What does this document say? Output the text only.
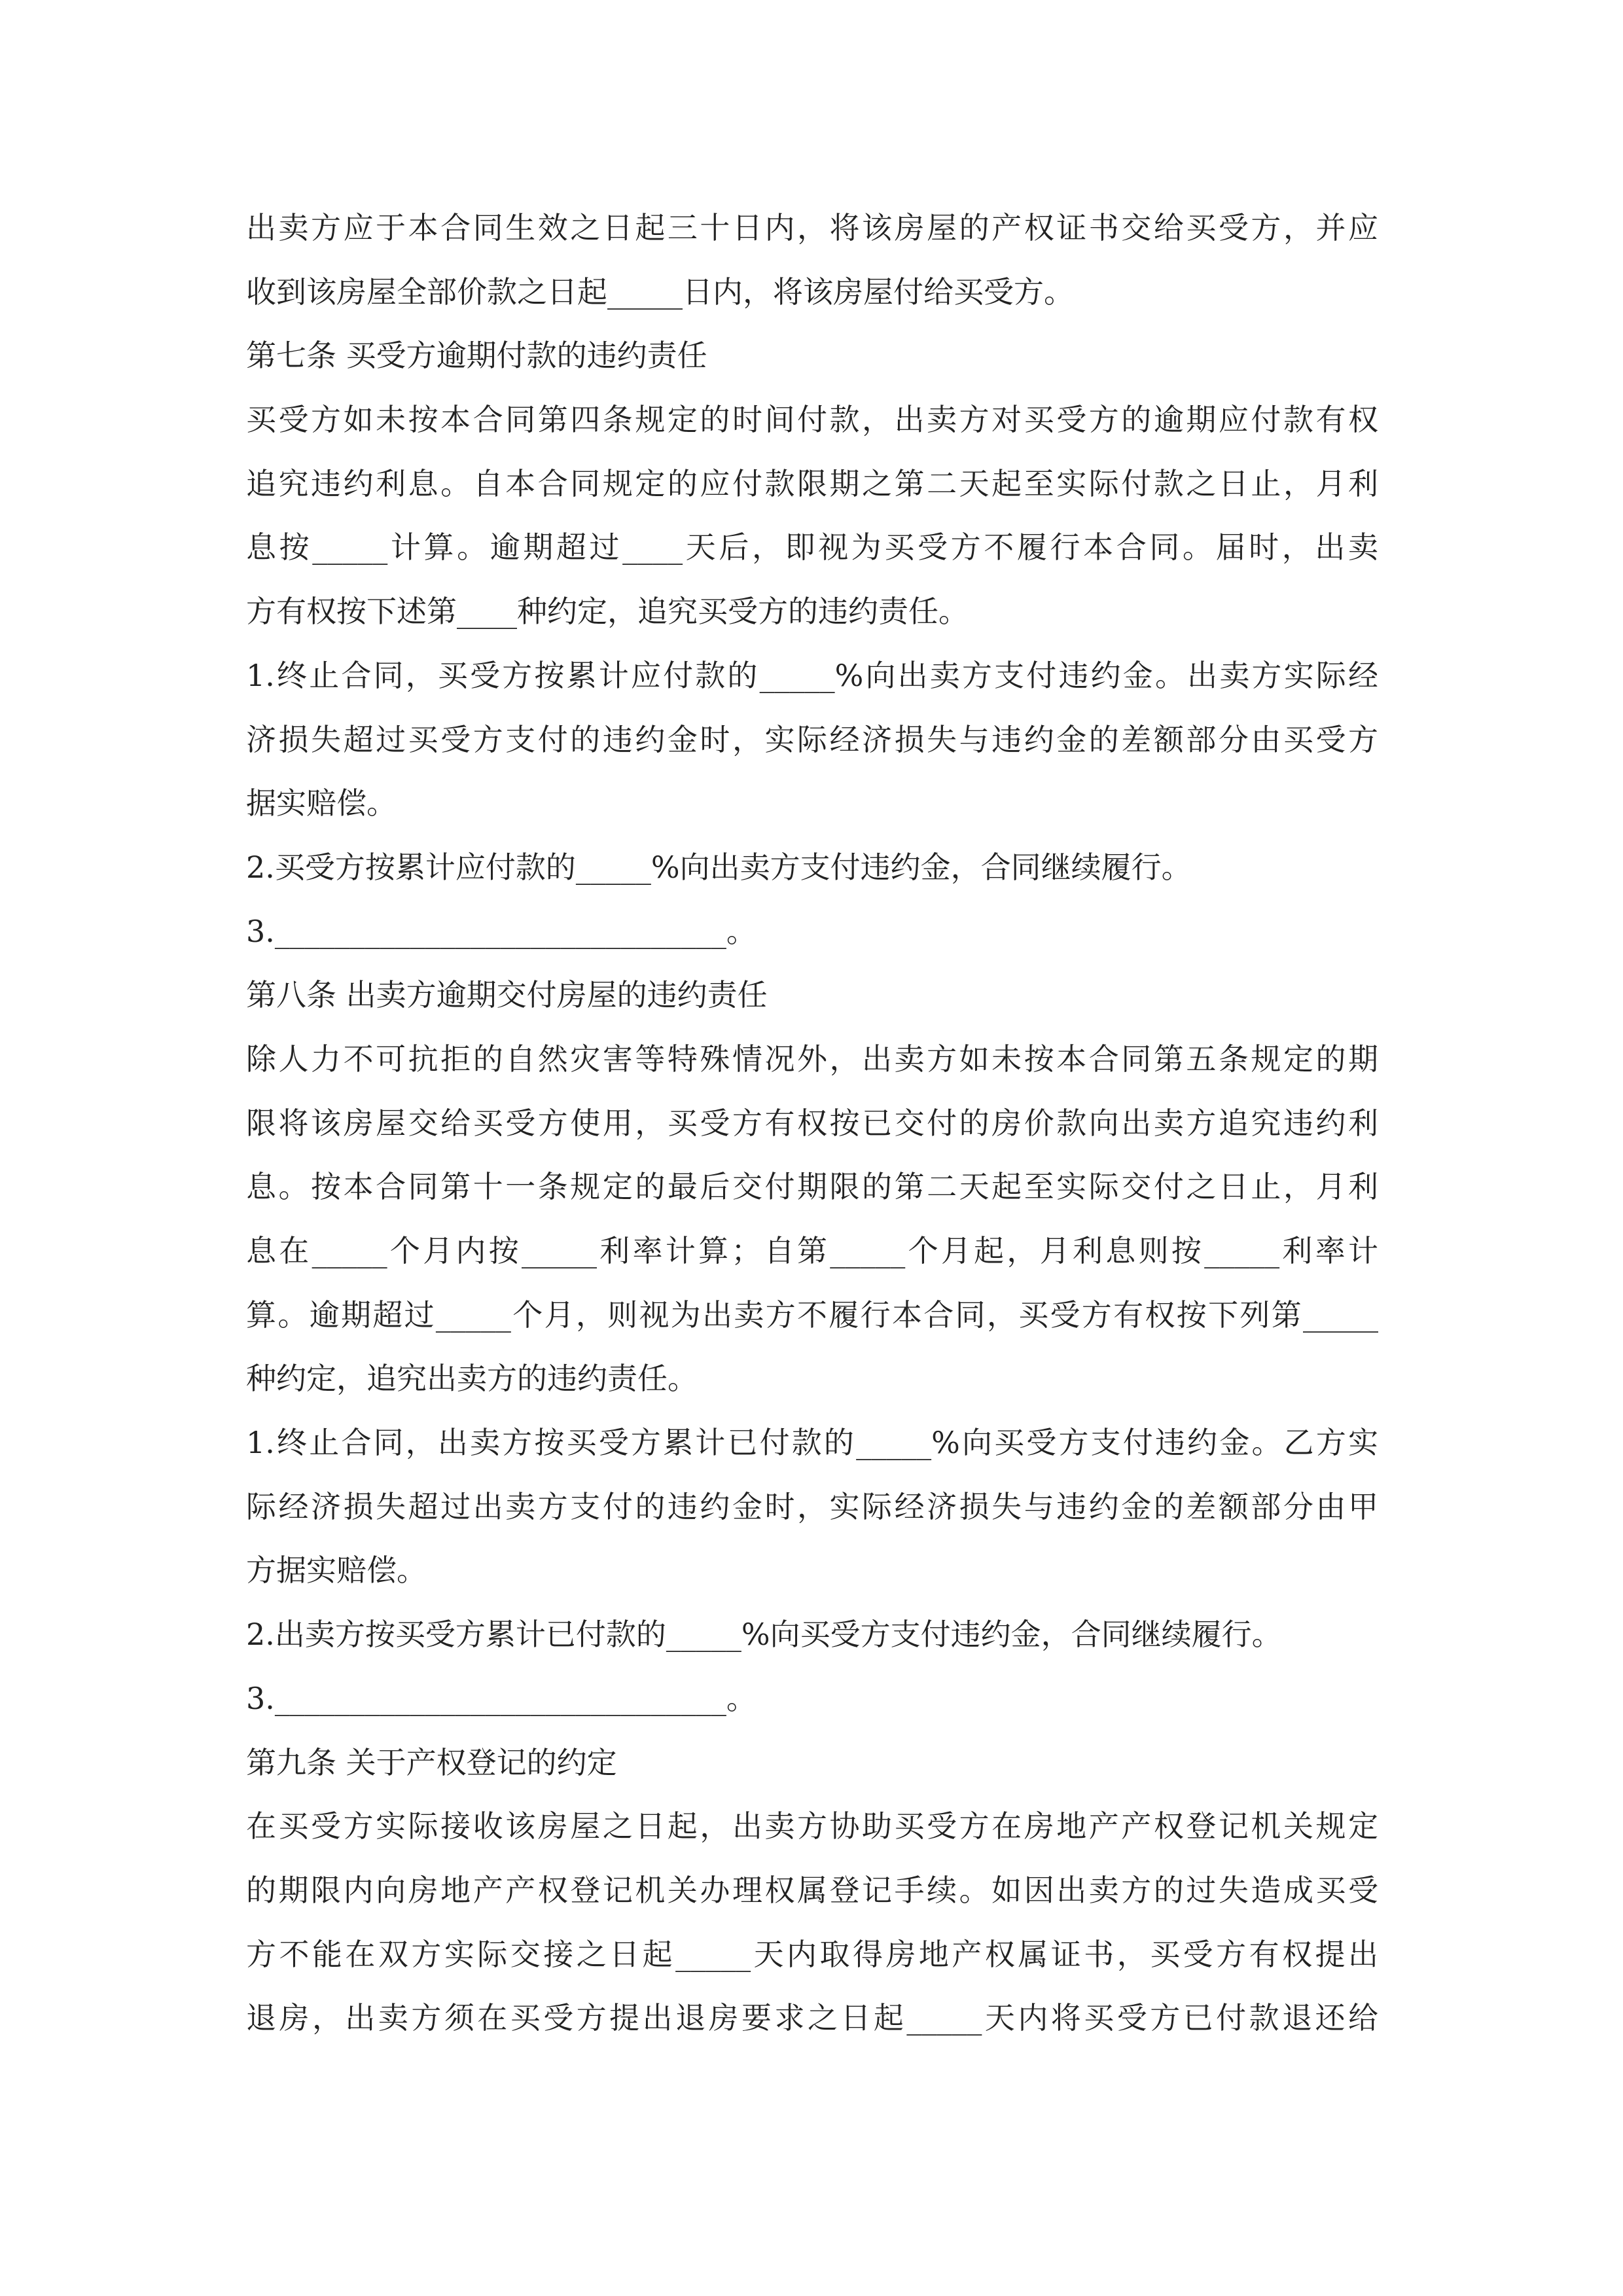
出卖方应于本合同生效之日起三十日内，将该房屋的产权证书交给买受方，并应
收到该房屋全部价款之日起_____日内，将该房屋付给买受方。
第七条 买受方逾期付款的违约责任
买受方如未按本合同第四条规定的时间付款，出卖方对买受方的逾期应付款有权
追究违约利息。自本合同规定的应付款限期之第二天起至实际付款之日止，月利
息按_____计算。逾期超过____天后，即视为买受方不履行本合同。届时，出卖
方有权按下述第____种约定，追究买受方的违约责任。
1.终止合同，买受方按累计应付款的_____%向出卖方支付违约金。出卖方实际经
济损失超过买受方支付的违约金时，实际经济损失与违约金的差额部分由买受方
据实赔偿。
2.买受方按累计应付款的_____%向出卖方支付违约金，合同继续履行。
3.______________________________。
第八条 出卖方逾期交付房屋的违约责任
除人力不可抗拒的自然灾害等特殊情况外，出卖方如未按本合同第五条规定的期
限将该房屋交给买受方使用，买受方有权按已交付的房价款向出卖方追究违约利
息。按本合同第十一条规定的最后交付期限的第二天起至实际交付之日止，月利
息在_____个月内按_____利率计算；自第_____个月起，月利息则按_____利率计
算。逾期超过_____个月，则视为出卖方不履行本合同，买受方有权按下列第_____
种约定，追究出卖方的违约责任。
1.终止合同，出卖方按买受方累计已付款的_____%向买受方支付违约金。乙方实
际经济损失超过出卖方支付的违约金时，实际经济损失与违约金的差额部分由甲
方据实赔偿。
2.出卖方按买受方累计已付款的_____%向买受方支付违约金，合同继续履行。
3.______________________________。
第九条 关于产权登记的约定
在买受方实际接收该房屋之日起，出卖方协助买受方在房地产产权登记机关规定
的期限内向房地产产权登记机关办理权属登记手续。如因出卖方的过失造成买受
方不能在双方实际交接之日起_____天内取得房地产权属证书，买受方有权提出
退房，出卖方须在买受方提出退房要求之日起_____天内将买受方已付款退还给
